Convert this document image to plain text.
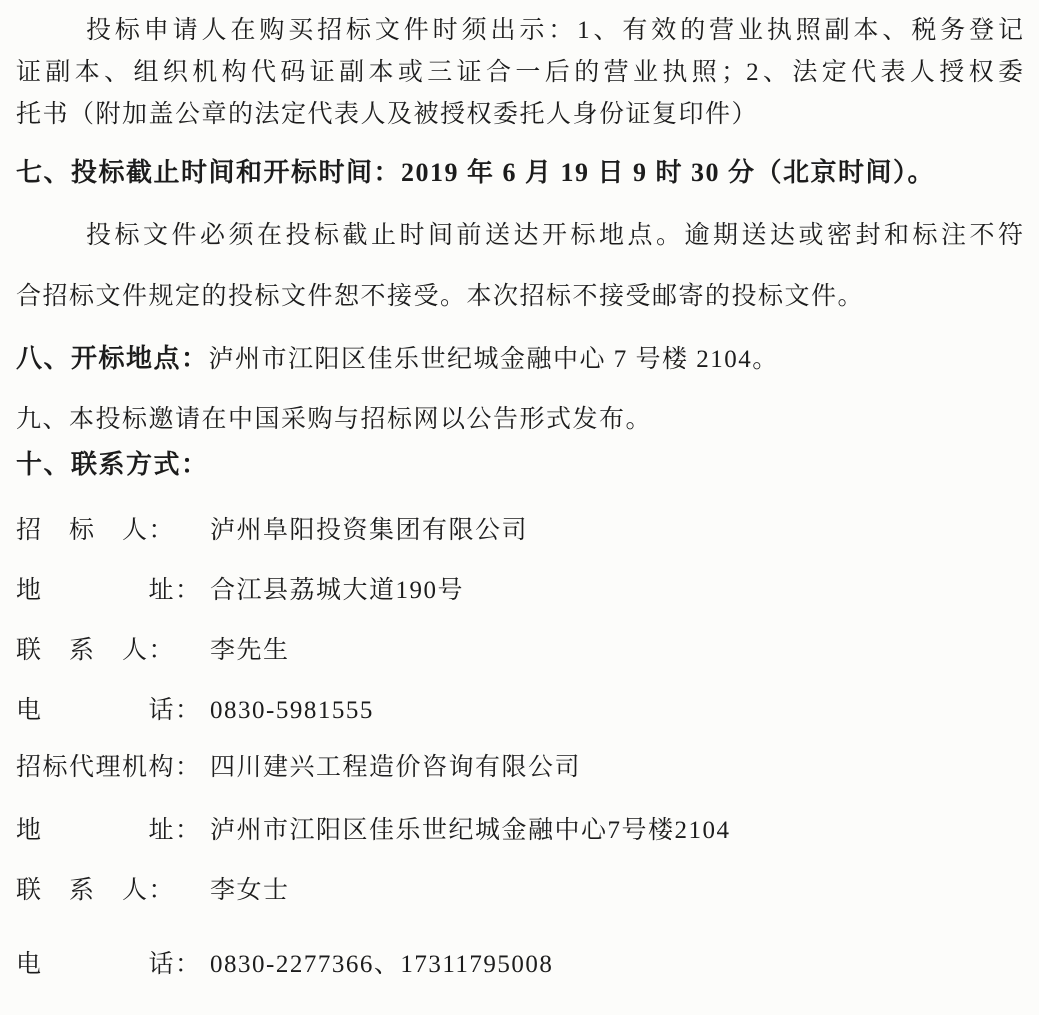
投标申请人在购买招标文件时须出示：1、有效的营业执照副本、税务登记
证副本、组织机构代码证副本或三证合一后的营业执照；2、法定代表人授权委
托书（附加盖公章的法定代表人及被授权委托人身份证复印件）
七、投标截止时间和开标时间：2019 年 6 月 19 日 9 时 30 分（北京时间）。
投标文件必须在投标截止时间前送达开标地点。逾期送达或密封和标注不符
合招标文件规定的投标文件恕不接受。本次招标不接受邮寄的投标文件。
八、开标地点：泸州市江阳区佳乐世纪城金融中心 7 号楼 2104。
九、本投标邀请在中国采购与招标网以公告形式发布。
十、联系方式：
招　标　人： 泸州阜阳投资集团有限公司
地　　　　址： 合江县荔城大道190号
联　系　人： 李先生
电　　　　话： 0830-5981555
招标代理机构： 四川建兴工程造价咨询有限公司
地　　　　址： 泸州市江阳区佳乐世纪城金融中心7号楼2104
联　系　人： 李女士
电　　　　话： 0830-2277366、17311795008
